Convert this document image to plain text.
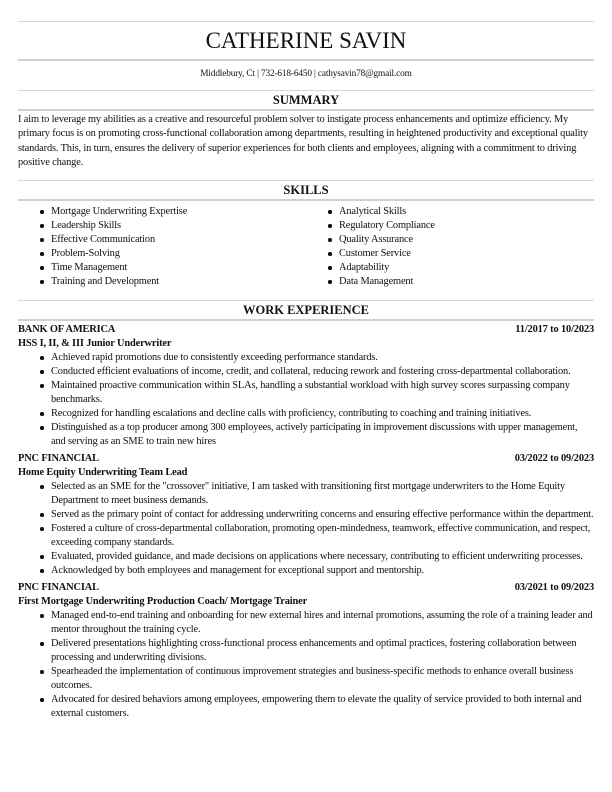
CATHERINE SAVIN
Middlebury, Ct | 732-618-6450 | cathysavin78@gmail.com
SUMMARY
I aim to leverage my abilities as a creative and resourceful problem solver to instigate process enhancements and optimize efficiency. My primary focus is on promoting cross-functional collaboration among departments, resulting in heightened productivity and exceptional quality standards. This, in turn, ensures the delivery of superior experiences for both clients and employees, aligning with a commitment to driving positive change.
SKILLS
Mortgage Underwriting Expertise
Leadership Skills
Effective Communication
Problem-Solving
Time Management
Training and Development
Analytical Skills
Regulatory Compliance
Quality Assurance
Customer Service
Adaptability
Data Management
WORK EXPERIENCE
BANK OF AMERICA	11/2017 to 10/2023
HSS I, II, & III Junior Underwriter
Achieved rapid promotions due to consistently exceeding performance standards.
Conducted efficient evaluations of income, credit, and collateral, reducing rework and fostering cross-departmental collaboration.
Maintained proactive communication within SLAs, handling a substantial workload with high survey scores surpassing company benchmarks.
Recognized for handling escalations and decline calls with proficiency, contributing to coaching and training initiatives.
Distinguished as a top producer among 300 employees, actively participating in improvement discussions with upper management, and serving as an SME to train new hires
PNC FINANCIAL	03/2022 to 09/2023
Home Equity Underwriting Team Lead
Selected as an SME for the "crossover" initiative, I am tasked with transitioning first mortgage underwriters to the Home Equity Department to meet business demands.
Served as the primary point of contact for addressing underwriting concerns and ensuring effective performance within the department.
Fostered a culture of cross-departmental collaboration, promoting open-mindedness, teamwork, effective communication, and respect, exceeding company standards.
Evaluated, provided guidance, and made decisions on applications where necessary, contributing to efficient underwriting processes.
Acknowledged by both employees and management for exceptional support and mentorship.
PNC FINANCIAL	03/2021 to 09/2023
First Mortgage Underwriting Production Coach/ Mortgage Trainer
Managed end-to-end training and onboarding for new external hires and internal promotions, assuming the role of a training leader and mentor throughout the training cycle.
Delivered presentations highlighting cross-functional process enhancements and optimal practices, fostering collaboration between processing and underwriting divisions.
Spearheaded the implementation of continuous improvement strategies and business-specific methods to enhance overall business outcomes.
Advocated for desired behaviors among employees, empowering them to elevate the quality of service provided to both internal and external customers.
